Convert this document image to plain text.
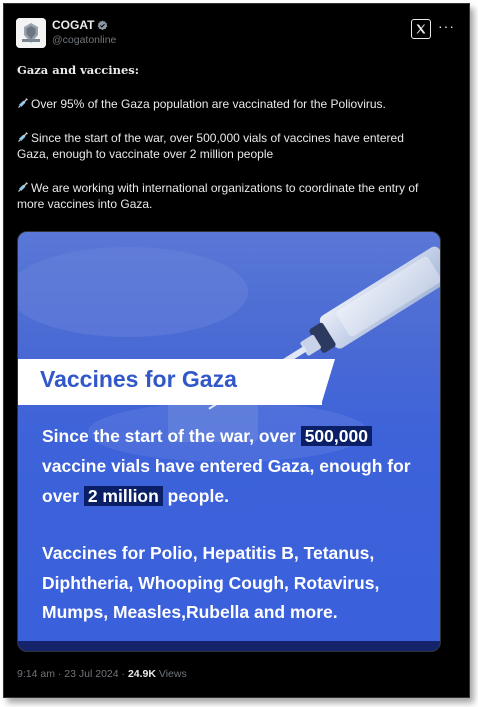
COGAT
@cogatonline
···
Gaza and vaccines:
Over 95% of the Gaza population are vaccinated for the Poliovirus.
Since the start of the war, over 500,000 vials of vaccines have entered Gaza, enough to vaccinate over 2 million people
We are working with international organizations to coordinate the entry of more vaccines into Gaza.
Vaccines for Gaza
Since the start of the war, over 500,000 vaccine vials have entered Gaza, enough for over 2 million people.
Vaccines for Polio, Hepatitis B, Tetanus, Diphtheria, Whooping Cough, Rotavirus, Mumps, Measles,Rubella and more.
9:14 am · 23 Jul 2024 · 24.9K Views
